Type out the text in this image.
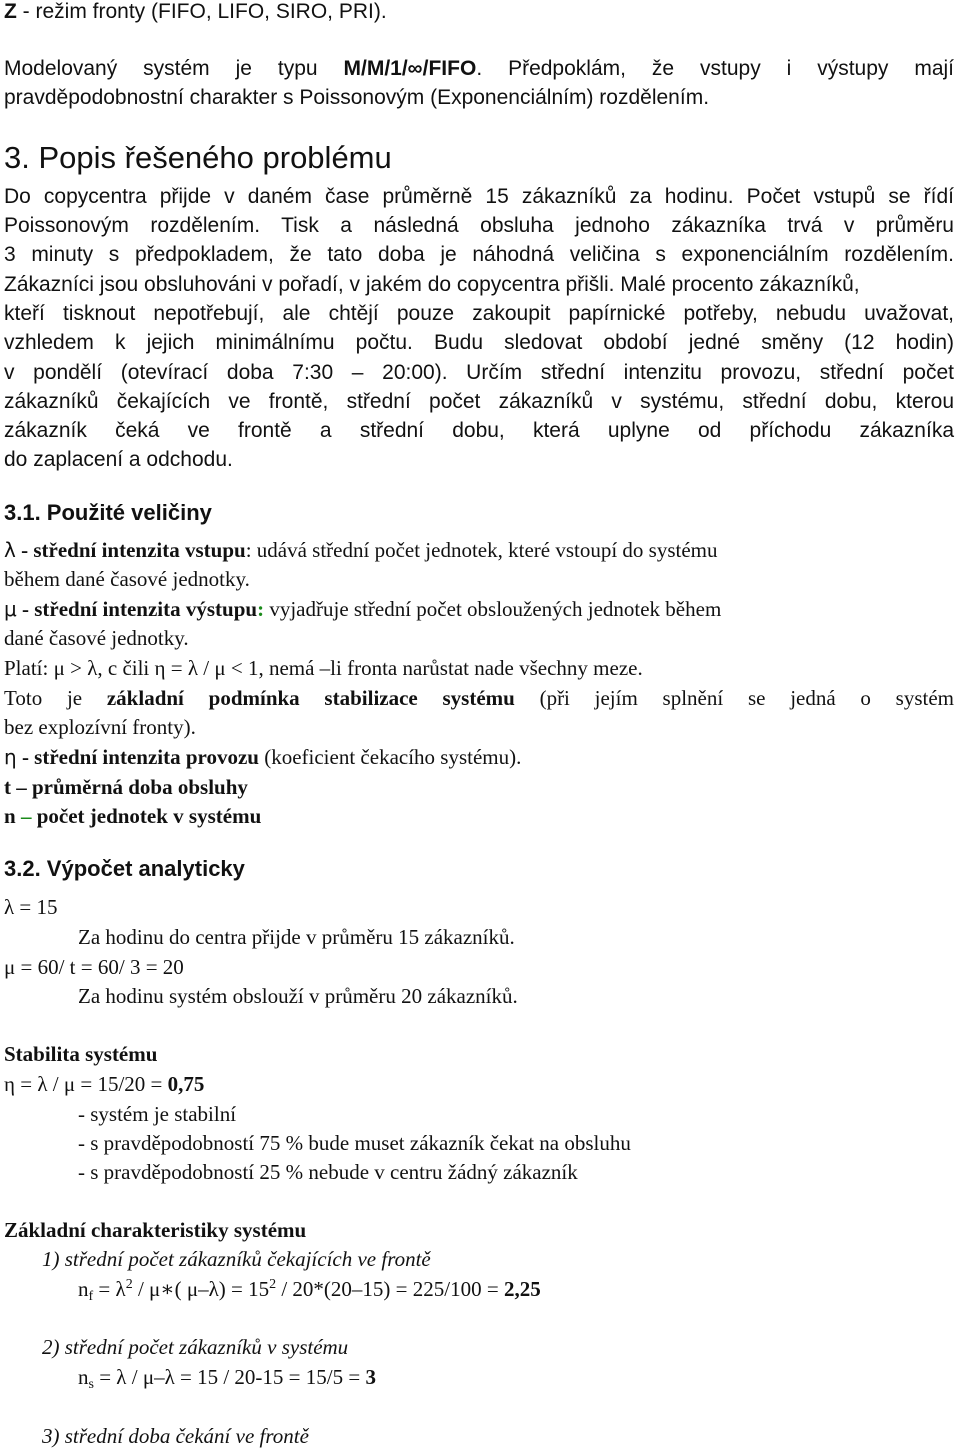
Z - režim fronty (FIFO, LIFO, SIRO, PRI).
Modelovaný systém je typu M/M/1/∞/FIFO. Předpoklám, že vstupy i výstupy mají
pravděpodobnostní charakter s Poissonovým (Exponenciálním) rozdělením.
3. Popis řešeného problému
Do copycentra přijde v daném čase průměrně 15 zákazníků za hodinu. Počet vstupů se řídí
Poissonovým rozdělením. Tisk a následná obsluha jednoho zákazníka trvá v průměru
3 minuty s předpokladem, že tato doba je náhodná veličina s exponenciálním rozdělením.
Zákazníci jsou obsluhováni v pořadí, v jakém do copycentra přišli. Malé procento zákazníků,
kteří tisknout nepotřebují, ale chtějí pouze zakoupit papírnické potřeby, nebudu uvažovat,
vzhledem k jejich minimálnímu počtu. Budu sledovat období jedné směny (12 hodin)
v pondělí (otevírací doba 7:30 – 20:00). Určím střední intenzitu provozu, střední počet
zákazníků čekajících ve frontě, střední počet zákazníků v systému, střední dobu, kterou
zákazník čeká ve frontě a střední dobu, která uplyne od příchodu zákazníka
do zaplacení a odchodu.
3.1. Použité veličiny
λ - střední intenzita vstupu: udává střední počet jednotek, které vstoupí do systému
během dané časové jednotky.
μ - střední intenzita výstupu: vyjadřuje střední počet obsloužených jednotek během
dané časové jednotky.
Platí: μ > λ, c čili η = λ / μ < 1, nemá –li fronta narůstat nade všechny meze.
Toto je základní podmínka stabilizace systému (při jejím splnění se jedná o systém
bez explozívní fronty).
η - střední intenzita provozu (koeficient čekacího systému).
t – průměrná doba obsluhy
n – počet jednotek v systému
3.2. Výpočet analyticky
λ = 15
Za hodinu do centra přijde v průměru 15 zákazníků.
μ = 60/ t = 60/ 3 = 20
Za hodinu systém obslouží v průměru 20 zákazníků.
Stabilita systému
η = λ / μ = 15/20 = 0,75
- systém je stabilní
- s pravděpodobností 75 % bude muset zákazník čekat na obsluhu
- s pravděpodobností 25 % nebude v centru žádný zákazník
Základní charakteristiky systému
1) střední počet zákazníků čekajících ve frontě
$n_f = \lambda^2$ / μ∗( $\mu-\lambda) = 15^2 / 20*(20-15) = 225/100 = 2,25$
2) střední počet zákazníků v systému
$n_s = \lambda / \mu-\lambda = 15 / 20-15 = 15/5 = 3$
3) střední doba čekání ve frontě
